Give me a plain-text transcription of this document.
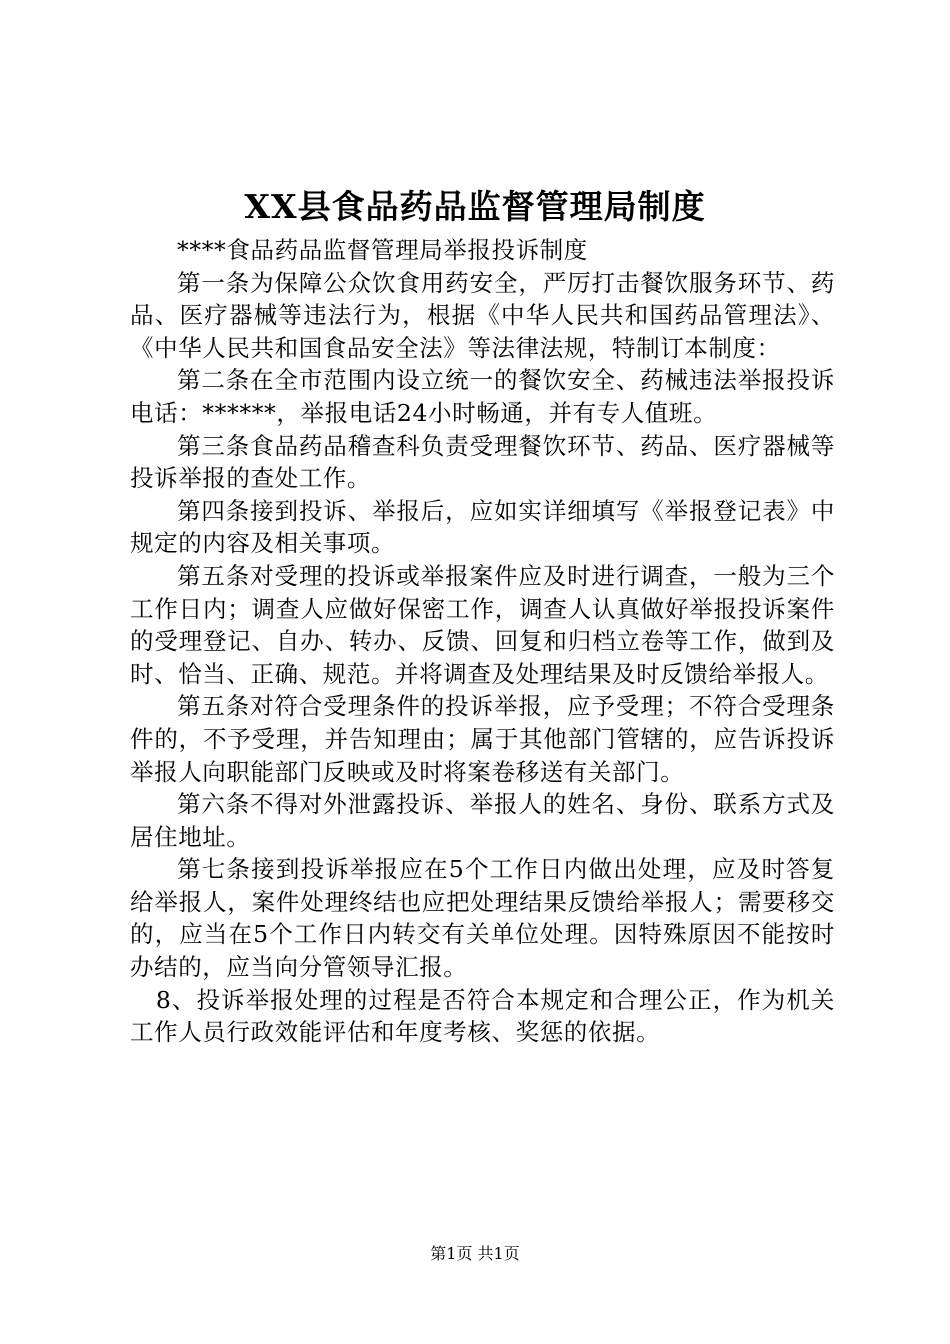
XX县食品药品监督管理局制度

****食品药品监督管理局举报投诉制度

第一条为保障公众饮食用药安全，严厉打击餐饮服务环节、药品、医疗器械等违法行为，根据《中华人民共和国药品管理法》、《中华人民共和国食品安全法》等法律法规，特制订本制度：

第二条在全市范围内设立统一的餐饮安全、药械违法举报投诉电话：******，举报电话24小时畅通，并有专人值班。

第三条食品药品稽查科负责受理餐饮环节、药品、医疗器械等投诉举报的查处工作。

第四条接到投诉、举报后，应如实详细填写《举报登记表》中规定的内容及相关事项。

第五条对受理的投诉或举报案件应及时进行调查，一般为三个工作日内；调查人应做好保密工作，调查人认真做好举报投诉案件的受理登记、自办、转办、反馈、回复和归档立卷等工作，做到及时、恰当、正确、规范。并将调查及处理结果及时反馈给举报人。

第五条对符合受理条件的投诉举报，应予受理；不符合受理条件的，不予受理，并告知理由；属于其他部门管辖的，应告诉投诉举报人向职能部门反映或及时将案卷移送有关部门。

第六条不得对外泄露投诉、举报人的姓名、身份、联系方式及居住地址。

第七条接到投诉举报应在5个工作日内做出处理，应及时答复给举报人，案件处理终结也应把处理结果反馈给举报人；需要移交的，应当在5个工作日内转交有关单位处理。因特殊原因不能按时办结的，应当向分管领导汇报。

8、投诉举报处理的过程是否符合本规定和合理公正，作为机关工作人员行政效能评估和年度考核、奖惩的依据。

第1页 共1页
